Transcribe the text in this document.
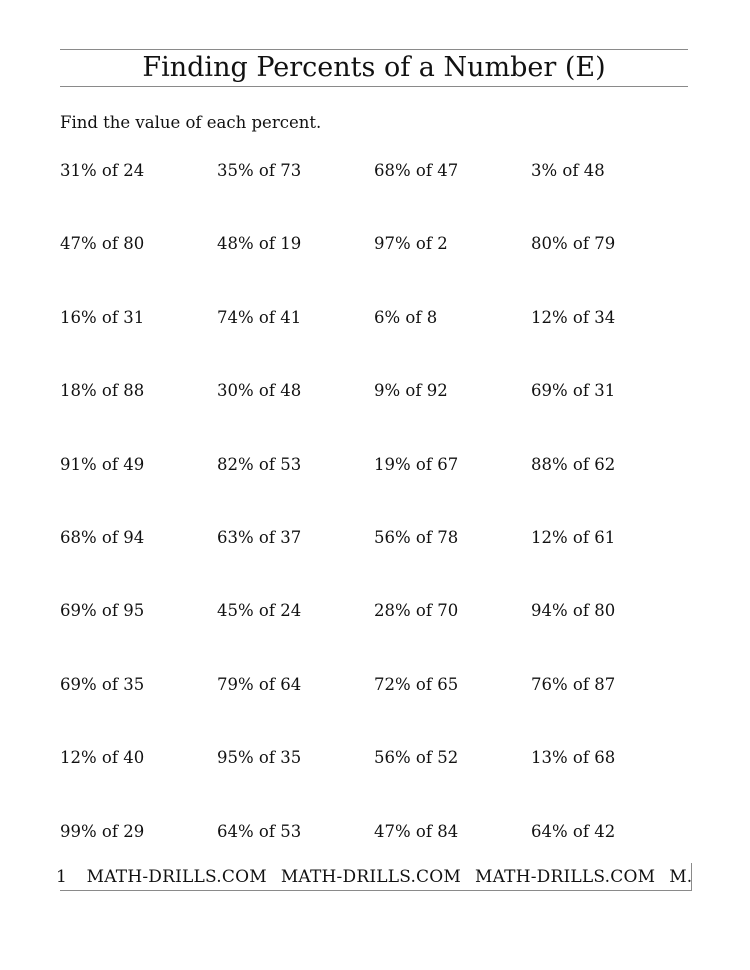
Finding Percents of a Number (E)
Find the value of each percent.
31% of 24	35% of 73	68% of 47	3% of 48
47% of 80	48% of 19	97% of 2	80% of 79
16% of 31	74% of 41	6% of 8	12% of 34
18% of 88	30% of 48	9% of 92	69% of 31
91% of 49	82% of 53	19% of 67	88% of 62
68% of 94	63% of 37	56% of 78	12% of 61
69% of 95	45% of 24	28% of 70	94% of 80
69% of 35	79% of 64	72% of 65	76% of 87
12% of 40	95% of 35	56% of 52	13% of 68
99% of 29	64% of 53	47% of 84	64% of 42
1 MATH-DRILLS.COM MATH-DRILLS.COM MATH-DRILLS.COM M.
